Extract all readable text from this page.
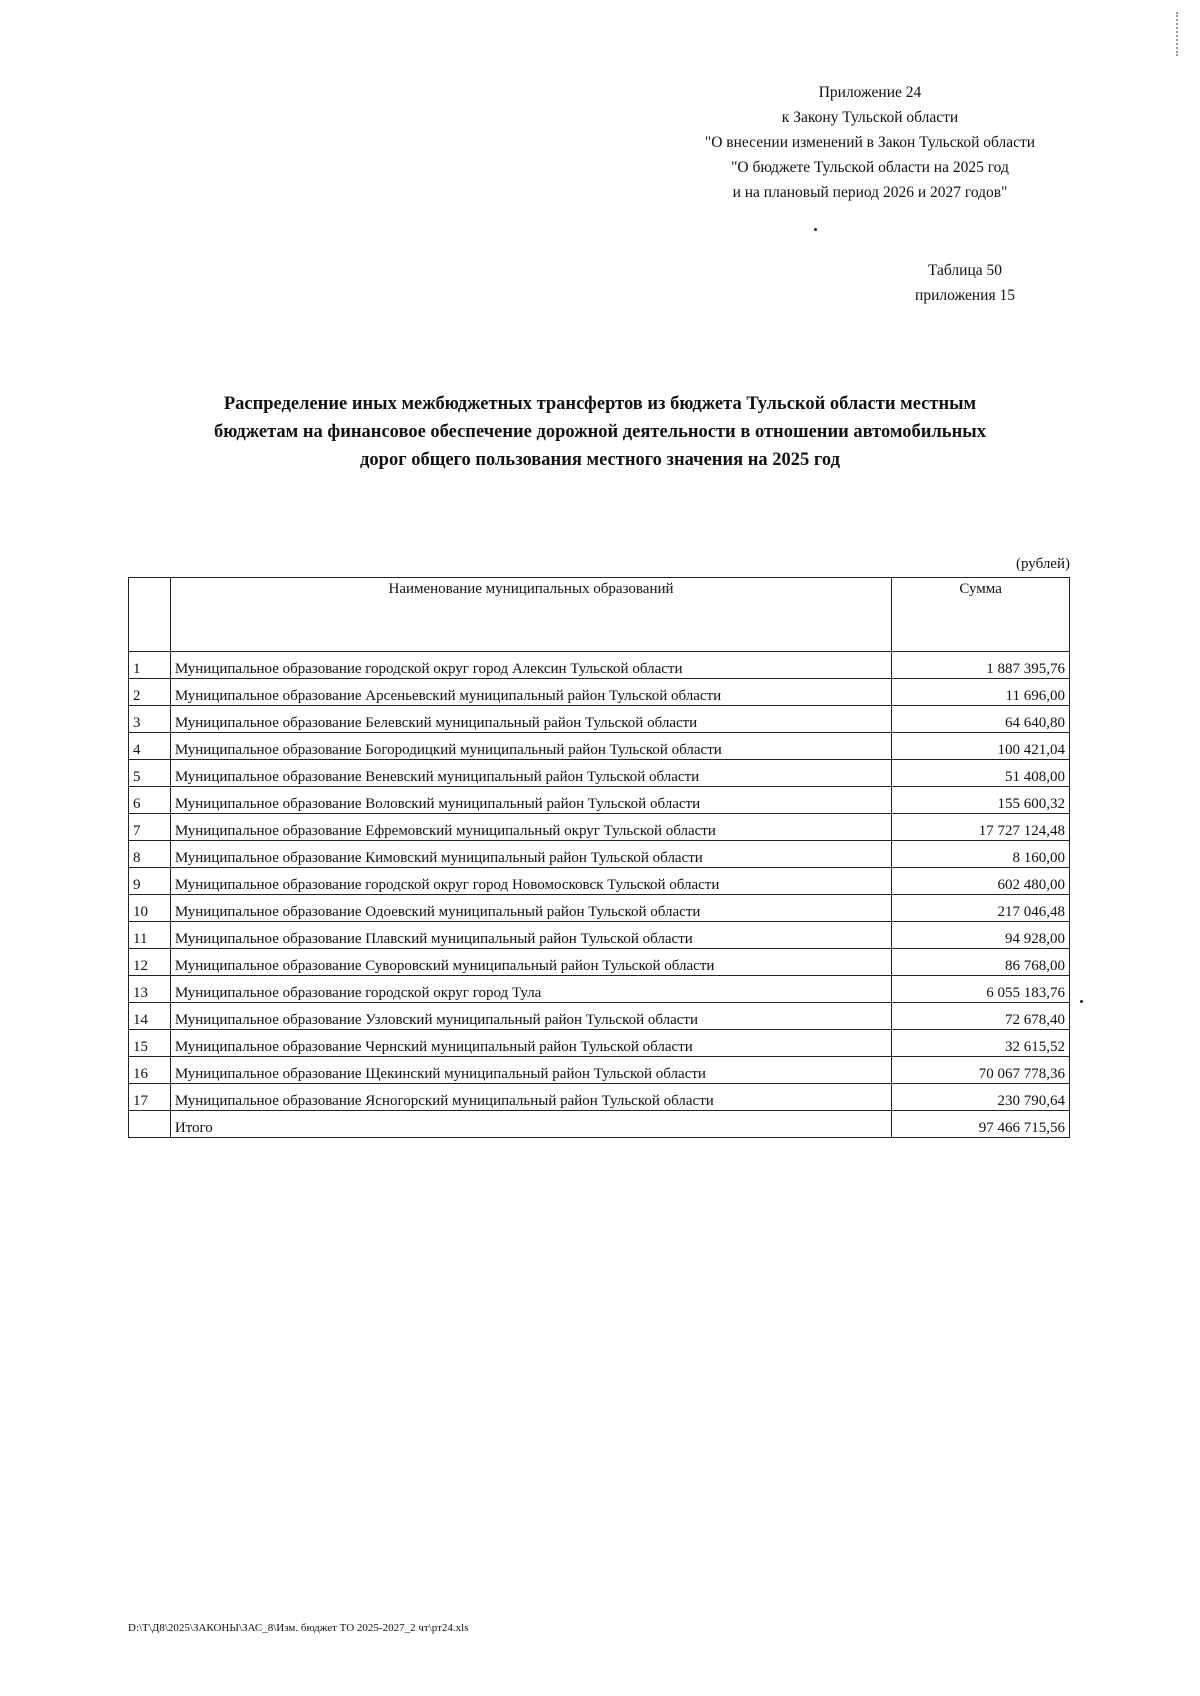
Приложение 24
к Закону Тульской области
"О внесении изменений в Закон Тульской области
"О бюджете Тульской области на 2025 год
и на плановый период 2026 и 2027 годов"
Таблица 50
приложения 15
Распределение иных межбюджетных трансфертов из бюджета Тульской области местным
бюджетам на финансовое обеспечение дорожной деятельности в отношении автомобильных
дорог общего пользования местного значения на 2025 год
(рублей)
	Наименование муниципальных образований	Сумма
1	Муниципальное образование городской округ город Алексин Тульской области	1 887 395,76
2	Муниципальное образование Арсеньевский муниципальный район Тульской области	11 696,00
3	Муниципальное образование Белевский муниципальный район Тульской области	64 640,80
4	Муниципальное образование Богородицкий муниципальный район Тульской области	100 421,04
5	Муниципальное образование Веневский муниципальный район Тульской области	51 408,00
6	Муниципальное образование Воловский муниципальный район Тульской области	155 600,32
7	Муниципальное образование Ефремовский муниципальный округ Тульской области	17 727 124,48
8	Муниципальное образование Кимовский муниципальный район Тульской области	8 160,00
9	Муниципальное образование городской округ город Новомосковск Тульской области	602 480,00
10	Муниципальное образование Одоевский муниципальный район Тульской области	217 046,48
11	Муниципальное образование Плавский муниципальный район Тульской области	94 928,00
12	Муниципальное образование Суворовский муниципальный район Тульской области	86 768,00
13	Муниципальное образование городской округ город Тула	6 055 183,76
14	Муниципальное образование Узловский муниципальный район Тульской области	72 678,40
15	Муниципальное образование Чернский муниципальный район Тульской области	32 615,52
16	Муниципальное образование Щекинский муниципальный район Тульской области	70 067 778,36
17	Муниципальное образование Ясногорский муниципальный район Тульской области	230 790,64
	Итого	97 466 715,56
D:\Т\Д8\2025\ЗАКОНЫ\ЗАС_8\Изм. бюджет ТО 2025-2027_2 чт\рт24.xls
